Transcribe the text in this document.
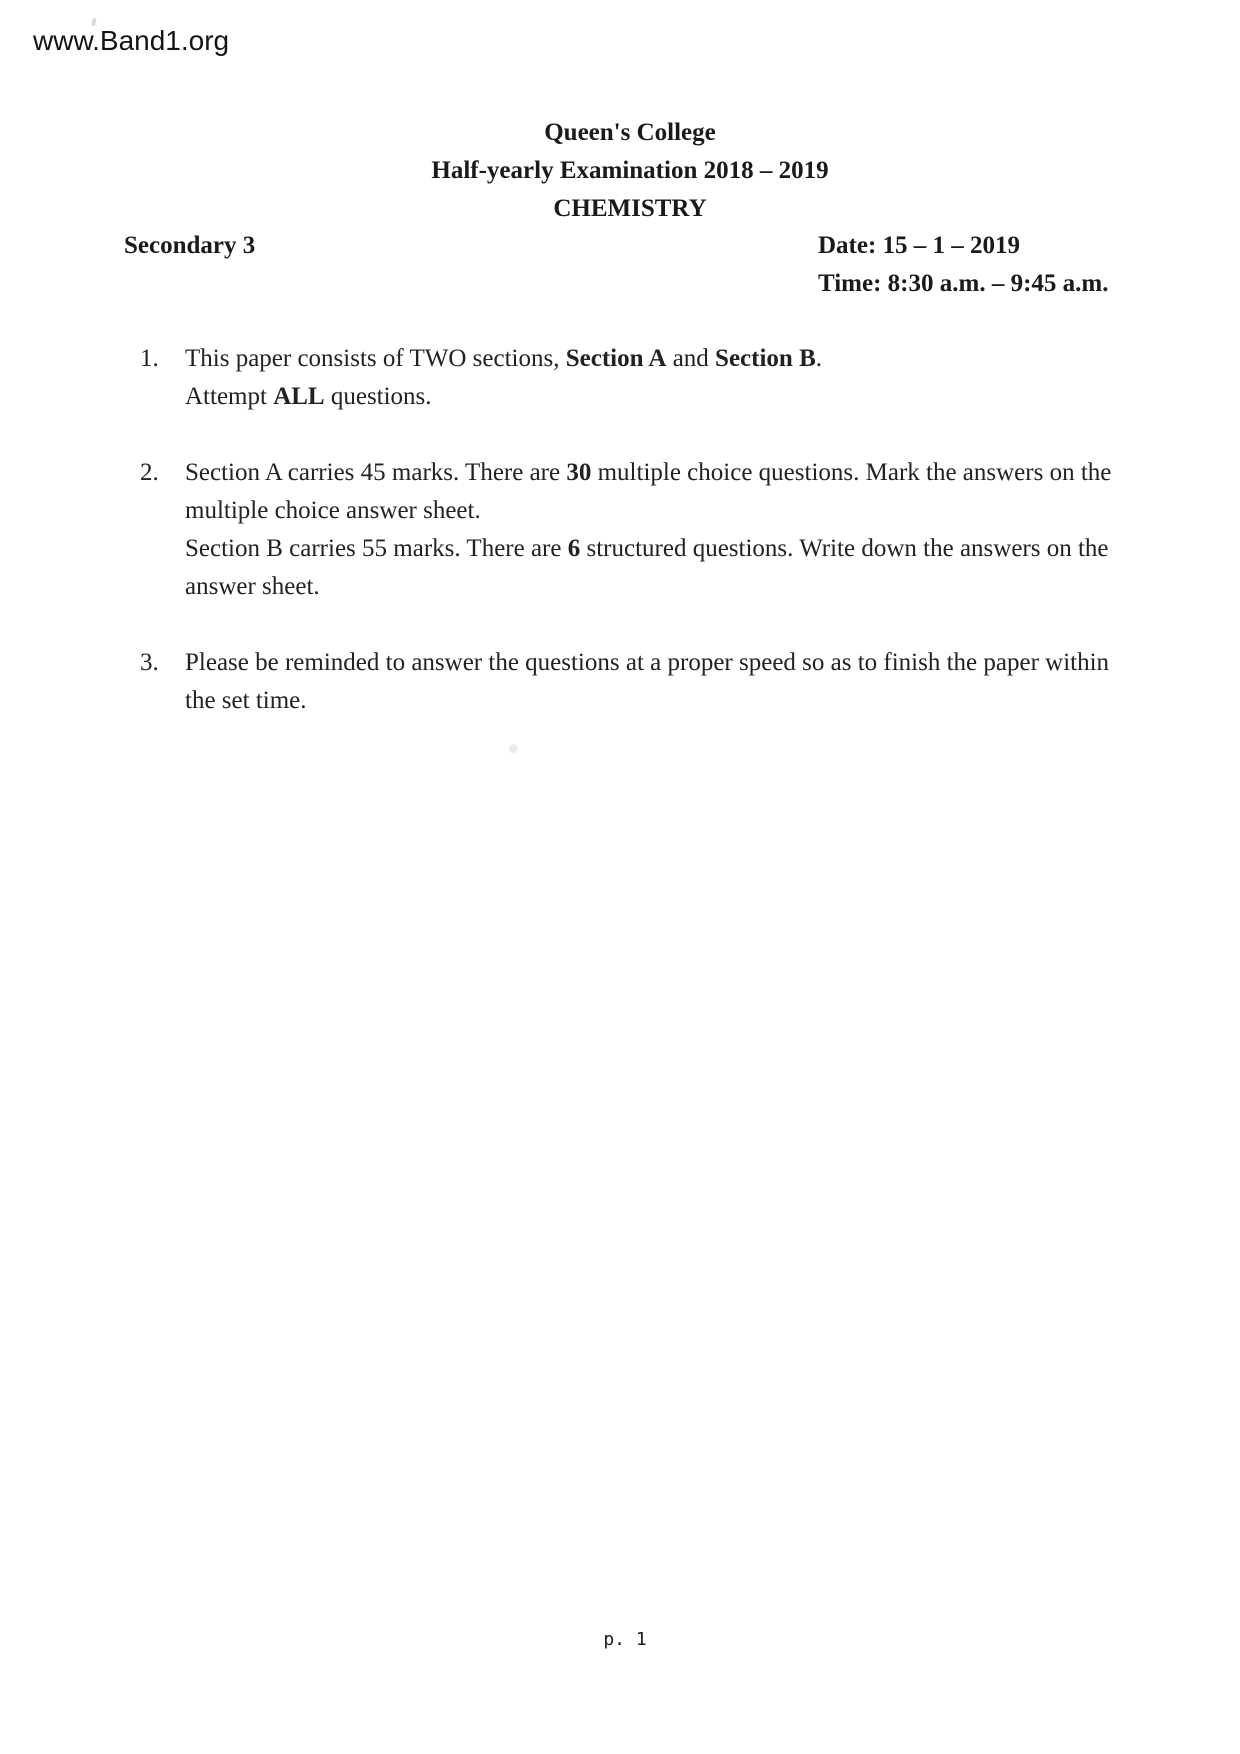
www.Band1.org
Queen's College
Half-yearly Examination 2018 – 2019
CHEMISTRY
Secondary 3	Date: 15 – 1 – 2019
Time: 8:30 a.m. – 9:45 a.m.
1.	This paper consists of TWO sections, Section A and Section B.
Attempt ALL questions.
2.	Section A carries 45 marks. There are 30 multiple choice questions. Mark the answers on the
multiple choice answer sheet.
Section B carries 55 marks. There are 6 structured questions. Write down the answers on the
answer sheet.
3.	Please be reminded to answer the questions at a proper speed so as to finish the paper within
the set time.
p. 1
